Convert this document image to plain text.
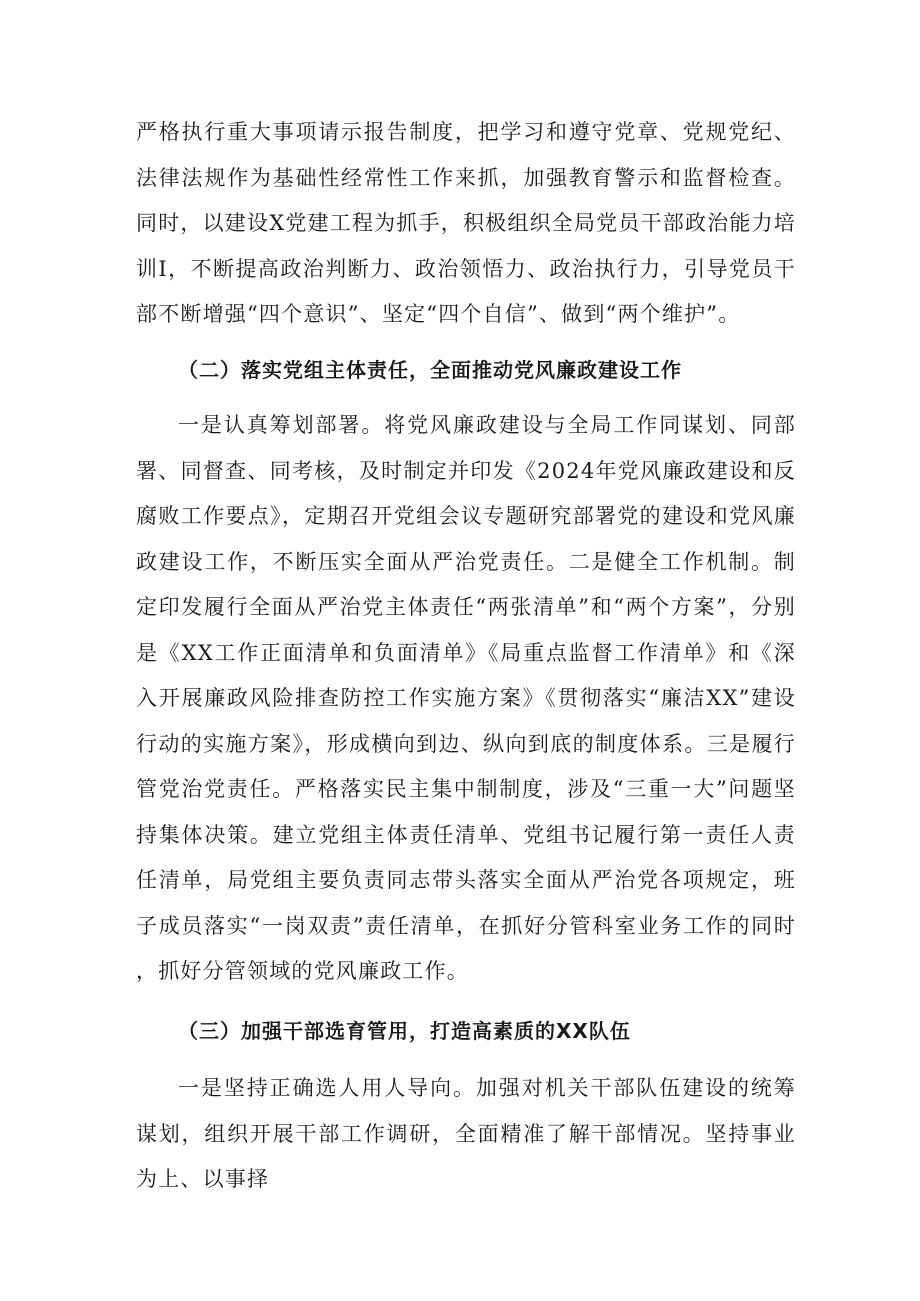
严格执行重大事项请示报告制度，把学习和遵守党章、党规党纪、法律法规作为基础性经常性工作来抓，加强教育警示和监督检查。同时，以建设X党建工程为抓手，积极组织全局党员干部政治能力培训I，不断提高政治判断力、政治领悟力、政治执行力，引导党员干部不断增强“四个意识”、坚定“四个自信”、做到“两个维护”。

（二）落实党组主体责任，全面推动党风廉政建设工作

一是认真筹划部署。将党风廉政建设与全局工作同谋划、同部署、同督查、同考核，及时制定并印发《2024年党风廉政建设和反腐败工作要点》，定期召开党组会议专题研究部署党的建设和党风廉政建设工作，不断压实全面从严治党责任。二是健全工作机制。制定印发履行全面从严治党主体责任“两张清单”和“两个方案”，分别是《XX工作正面清单和负面清单》《局重点监督工作清单》和《深入开展廉政风险排查防控工作实施方案》《贯彻落实“廉洁XX”建设行动的实施方案》，形成横向到边、纵向到底的制度体系。三是履行管党治党责任。严格落实民主集中制制度，涉及“三重一大”问题坚持集体决策。建立党组主体责任清单、党组书记履行第一责任人责任清单，局党组主要负责同志带头落实全面从严治党各项规定，班子成员落实“一岗双责”责任清单，在抓好分管科室业务工作的同时，抓好分管领域的党风廉政工作。

（三）加强干部选育管用，打造高素质的XX队伍

一是坚持正确选人用人导向。加强对机关干部队伍建设的统筹谋划，组织开展干部工作调研，全面精准了解干部情况。坚持事业为上、以事择
